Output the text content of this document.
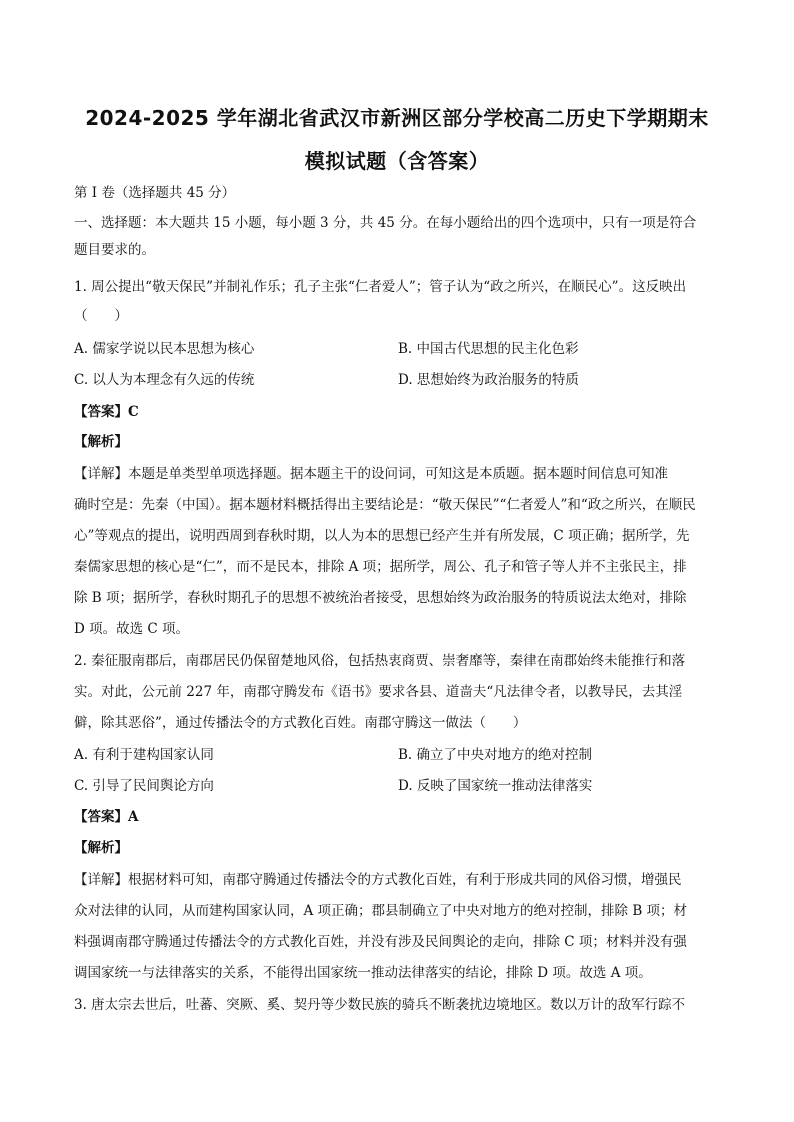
2024-2025 学年湖北省武汉市新洲区部分学校高二历史下学期期末
模拟试题（含答案）
第 I 卷（选择题共 45 分）
一、选择题：本大题共 15 小题，每小题 3 分，共 45 分。在每小题给出的四个选项中，只有一项是符合
题目要求的。
1. 周公提出“敬天保民”并制礼作乐；孔子主张“仁者爱人”；管子认为“政之所兴，在顺民心”。这反映出
（　　）
A. 儒家学说以民本思想为核心	B. 中国古代思想的民主化色彩
C. 以人为本理念有久远的传统	D. 思想始终为政治服务的特质
【答案】C
【解析】
【详解】本题是单类型单项选择题。据本题主干的设问词，可知这是本质题。据本题时间信息可知准
确时空是：先秦（中国）。据本题材料概括得出主要结论是：“敬天保民”“仁者爱人”和“政之所兴，在顺民
心”等观点的提出，说明西周到春秋时期，以人为本的思想已经产生并有所发展，C 项正确；据所学，先
秦儒家思想的核心是“仁”，而不是民本，排除 A 项；据所学，周公、孔子和管子等人并不主张民主，排
除 B 项；据所学，春秋时期孔子的思想不被统治者接受，思想始终为政治服务的特质说法太绝对，排除
D 项。故选 C 项。
2. 秦征服南郡后，南郡居民仍保留楚地风俗，包括热衷商贾、崇奢靡等，秦律在南郡始终未能推行和落
实。对此，公元前 227 年，南郡守腾发布《语书》要求各县、道啬夫“凡法律令者，以教导民，去其淫
僻，除其恶俗”，通过传播法令的方式教化百姓。南郡守腾这一做法（　　）
A. 有利于建构国家认同	B. 确立了中央对地方的绝对控制
C. 引导了民间舆论方向	D. 反映了国家统一推动法律落实
【答案】A
【解析】
【详解】根据材料可知，南郡守腾通过传播法令的方式教化百姓，有利于形成共同的风俗习惯，增强民
众对法律的认同，从而建构国家认同，A 项正确；郡县制确立了中央对地方的绝对控制，排除 B 项；材
料强调南郡守腾通过传播法令的方式教化百姓，并没有涉及民间舆论的走向，排除 C 项；材料并没有强
调国家统一与法律落实的关系，不能得出国家统一推动法律落实的结论，排除 D 项。故选 A 项。
3. 唐太宗去世后，吐蕃、突厥、奚、契丹等少数民族的骑兵不断袭扰边境地区。数以万计的敌军行踪不
